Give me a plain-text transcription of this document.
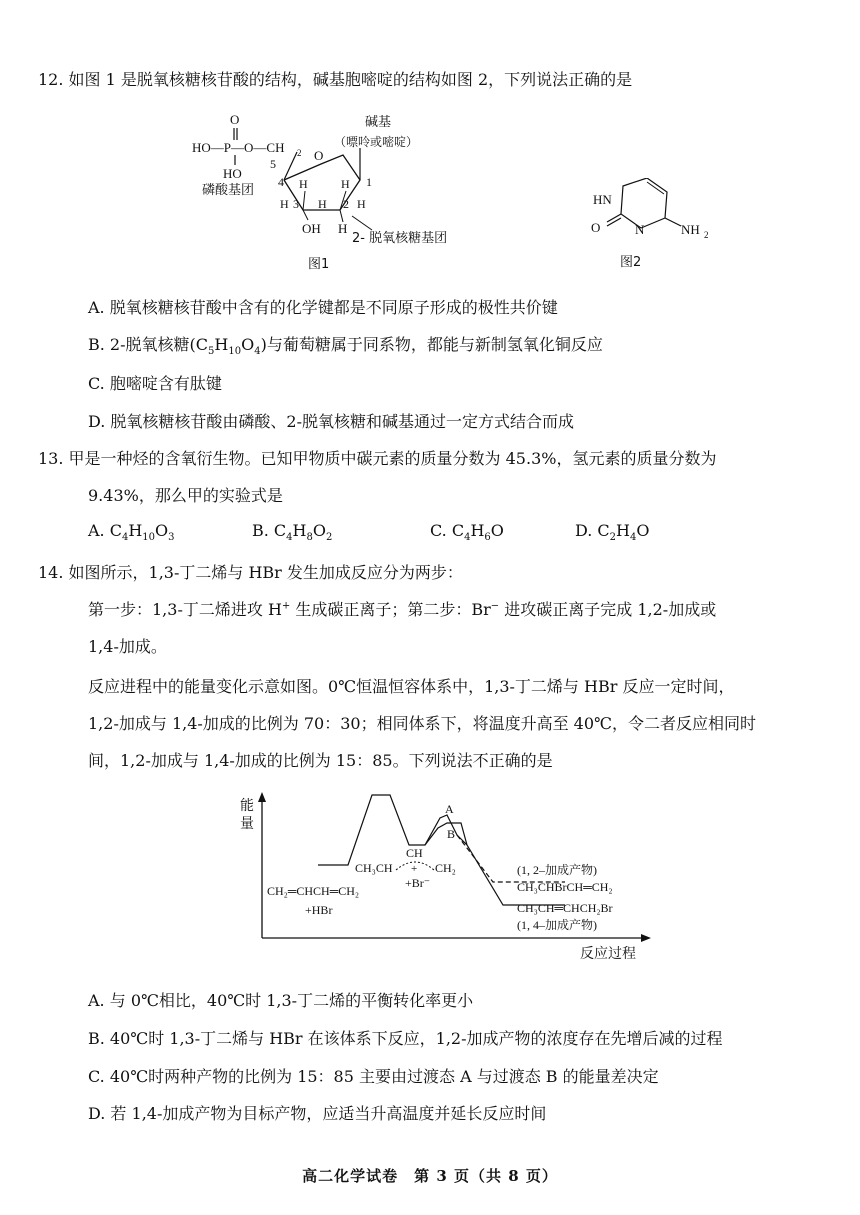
12. 如图 1 是脱氧核糖核苷酸的结构，碱基胞嘧啶的结构如图 2，下列说法正确的是
O
HO—P—O—CH 2
HO
磷酸基团
O
5
4
3	2
1
H	H
H H	H
OH H
碱基
（嘌呤或嘧啶）
2- 脱氧核糖基团
图1
HN
O	N	NH 2
图2
A. 脱氧核糖核苷酸中含有的化学键都是不同原子形成的极性共价键
B. 2-脱氧核糖$(C_5H_{10}O_4)$与葡萄糖属于同系物，都能与新制氢氧化铜反应
C. 胞嘧啶含有肽键
D. 脱氧核糖核苷酸由磷酸、2-脱氧核糖和碱基通过一定方式结合而成
13. 甲是一种烃的含氧衍生物。已知甲物质中碳元素的质量分数为 45.3%，氢元素的质量分数为
9.43%，那么甲的实验式是
A. $C_4H_{10}O_3$	B. $C_4H_8O_2$	C. $C_4H_6O$	D. $C_2H_4O$
14. 如图所示，1,3-丁二烯与 HBr 发生加成反应分为两步：
第一步：1,3-丁二烯进攻 H+ 生成碳正离子；第二步：Br− 进攻碳正离子完成 1,2-加成或
1,4-加成。
反应进程中的能量变化示意如图。0℃恒温恒容体系中，1,3-丁二烯与 HBr 反应一定时间，
1,2-加成与 1,4-加成的比例为 70：30；相同体系下，将温度升高至 40℃，令二者反应相同时
间，1,2-加成与 1,4-加成的比例为 15：85。下列说法不正确的是
能
量
反应过程
A
B
CH₂═CHCH═CH₂
+HBr
CH
CH₃CH + CH₂
+Br⁻
(1, 2–加成产物)
CH₃CHBrCH═CH₂
CH₃CH═CHCH₂Br
(1, 4–加成产物)
A. 与 0℃相比，40℃时 1,3-丁二烯的平衡转化率更小
B. 40℃时 1,3-丁二烯与 HBr 在该体系下反应，1,2-加成产物的浓度存在先增后减的过程
C. 40℃时两种产物的比例为 15：85 主要由过渡态 A 与过渡态 B 的能量差决定
D. 若 1,4-加成产物为目标产物，应适当升高温度并延长反应时间
高二化学试卷　第 3 页（共 8 页）
